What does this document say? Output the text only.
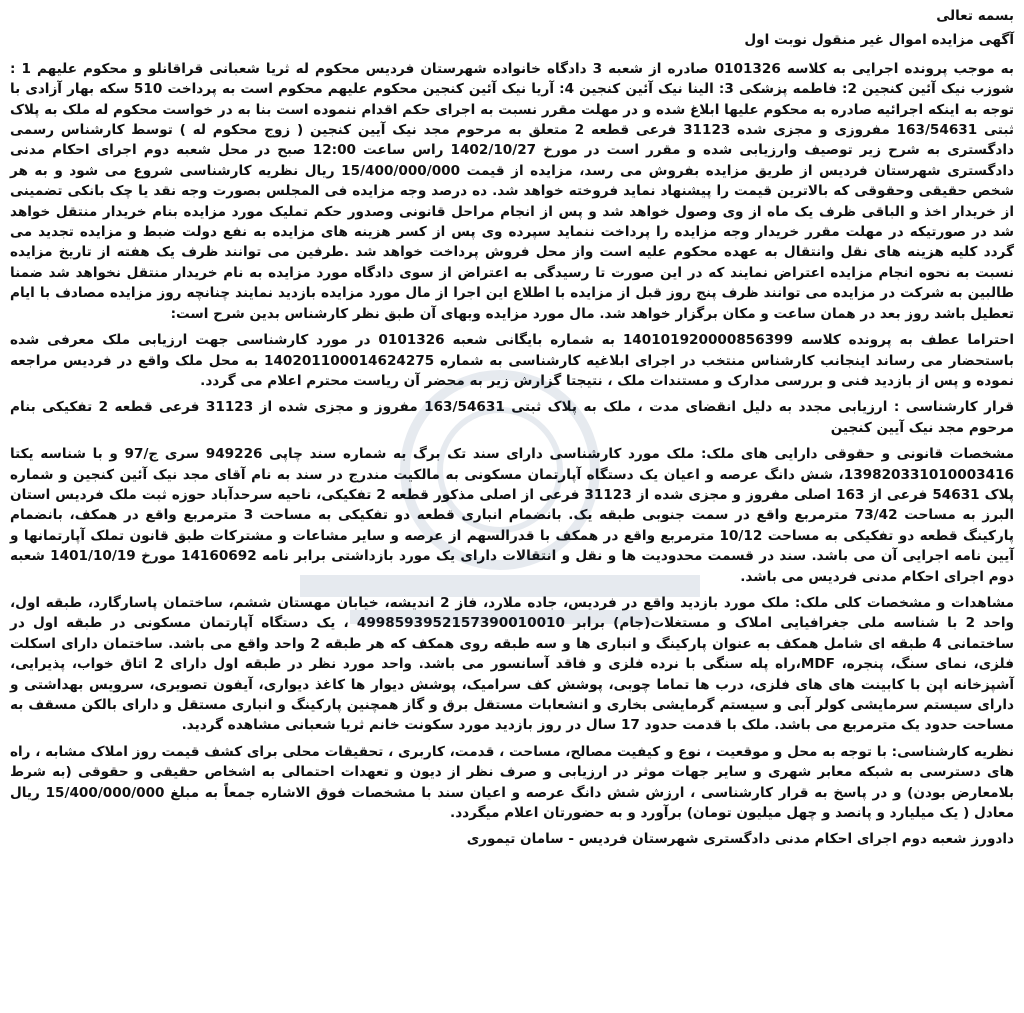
بسمه تعالی
آگهی مزایده اموال غیر منقول نوبت اول

به موجب پرونده اجرایی به کلاسه 0101326 صادره از شعبه 3 دادگاه خانواده شهرستان فردیس محکوم له ثریا شعبانی قراقانلو و محکوم علیهم 1 : شوزب نیک آئین کنجین 2: فاطمه پزشکی 3: الینا نیک آئین کنجین 4: آریا نیک آئین کنجین محکوم علیهم محکوم است به پرداخت 510 سکه بهار آزادی با توجه به اینکه اجرائیه صادره به محکوم علیها ابلاغ شده و در مهلت مقرر نسبت به اجرای حکم اقدام ننموده است بنا به در خواست محکوم له ملک به پلاک ثبتی 163/54631 مفروزی و مجزی شده 31123 فرعی قطعه 2 متعلق به مرحوم مجد نیک آیین کنجین ( زوج محکوم له ) توسط کارشناس رسمی دادگستری به شرح زیر توصیف وارزیابی شده و مقرر است در مورخ 1402/10/27 راس ساعت 12:00 صبح در محل شعبه دوم اجرای احکام مدنی دادگستری شهرستان فردیس از طریق مزایده بفروش می رسد، مزایده از قیمت 15/400/000/000 ریال نظریه کارشناسی شروع می شود و به هر شخص حقیقی وحقوقی که بالاترین قیمت را پیشنهاد نماید فروخته خواهد شد. ده درصد وجه مزایده فی المجلس بصورت وجه نقد یا چک بانکی تضمینی از خریدار اخذ و الباقی ظرف یک ماه از وی وصول خواهد شد و پس از انجام مراحل قانونی وصدور حکم تملیک مورد مزایده بنام خریدار منتقل خواهد شد در صورتیکه در مهلت مقرر خریدار وجه مزایده را پرداخت ننماید سپرده وی پس از کسر هزینه های مزایده به نفع دولت ضبط و مزایده تجدید می گردد کلیه هزینه های نقل وانتقال به عهده محکوم علیه است واز محل فروش پرداخت خواهد شد .طرفین می توانند ظرف یک هفته از تاریخ مزایده نسبت به نحوه انجام مزایده اعتراض نمایند که در این صورت تا رسیدگی به اعتراض از سوی دادگاه مورد مزایده به نام خریدار منتقل نخواهد شد ضمنا طالبین به شرکت در مزایده می توانند ظرف پنج روز قبل از مزایده با اطلاع این اجرا از مال مورد مزایده بازدید نمایند چنانچه روز مزایده مصادف با ایام تعطیل باشد روز بعد در همان ساعت و مکان برگزار خواهد شد. مال مورد مزایده وبهای آن طبق نظر کارشناس بدین شرح است:

احتراما عطف به پرونده کلاسه 140101920000856399 به شماره بایگانی شعبه 0101326 در مورد کارشناسی جهت ارزیابی ملک معرفی شده باستحضار می رساند اینجانب کارشناس منتخب در اجرای ابلاغیه کارشناسی به شماره 140201100014624275 به محل ملک واقع در فردیس مراجعه نموده و پس از بازدید فنی و بررسی مدارک و مستندات ملک ، نتیجتا گزارش زیر به محضر آن ریاست محترم اعلام می گردد.

قرار کارشناسی : ارزیابی مجدد به دلیل انقضای مدت ، ملک به پلاک ثبتی 163/54631 مفروز و مجزی شده از 31123 فرعی قطعه 2 تفکیکی بنام مرحوم مجد نیک آیین کنجین

مشخصات قانونی و حقوقی دارایی های ملک: ملک مورد کارشناسی دارای سند تک برگ به شماره سند چاپی 949226 سری ج/97 و با شناسه یکتا 139820331010003416، شش دانگ عرصه و اعیان یک دستگاه آپارتمان مسکونی به مالکیت مندرج در سند به نام آقای مجد نیک آئین کنجین و شماره پلاک 54631 فرعی از 163 اصلی مفروز و مجزی شده از 31123 فرعی از اصلی مذکور قطعه 2 تفکیکی، ناحیه سرحدآباد حوزه ثبت ملک فردیس استان البرز به مساحت 73/42 مترمربع واقع در سمت جنوبی طبقه یک. بانضمام انباری قطعه دو تفکیکی به مساحت 3 مترمربع واقع در همکف، بانضمام پارکینگ قطعه دو تفکیکی به مساحت 10/12 مترمربع واقع در همکف با قدرالسهم از عرصه و سایر مشاعات و مشترکات طبق قانون تملک آپارتمانها و آیین نامه اجرایی آن می باشد. سند در قسمت محدودیت ها و نقل و انتقالات دارای یک مورد بازداشتی برابر نامه 14160692 مورخ 1401/10/19 شعبه دوم اجرای احکام مدنی فردیس می باشد.

مشاهدات و مشخصات کلی ملک: ملک مورد بازدید واقع در فردیس، جاده ملارد، فاز 2 اندیشه، خیابان مهستان ششم، ساختمان پاسارگارد، طبقه اول، واحد 2 با شناسه ملی جغرافیایی املاک و مستغلات(جام) برابر 4998593952157390010010 ، یک دستگاه آپارتمان مسکونی در طبقه اول در ساختمانی 4 طبقه ای شامل همکف به عنوان پارکینگ و انباری ها و سه طبقه روی همکف که هر طبقه 2 واحد واقع می باشد. ساختمان دارای اسکلت فلزی، نمای سنگ، پنجره، MDF،راه پله سنگی با نرده فلزی و فاقد آسانسور می باشد. واحد مورد نظر در طبقه اول دارای 2 اتاق خواب، پذیرایی، آشپزخانه اپن با کابینت های های فلزی، درب ها تماما چوبی، پوشش کف سرامیک، پوشش دیوار ها کاغذ دیواری، آیفون تصویری، سرویس بهداشتی و دارای سیستم سرمایشی کولر آبی و سیستم گرمایشی بخاری و انشعابات مستقل برق و گاز همچنین پارکینگ و انباری مستقل و دارای بالکن مسقف به مساحت حدود یک مترمربع می باشد. ملک با قدمت حدود 17 سال در روز بازدید مورد سکونت خانم ثریا شعبانی مشاهده گردید.

نظریه کارشناسی: با توجه به محل و موقعیت ، نوع و کیفیت مصالح، مساحت ، قدمت، کاربری ، تحقیقات محلی برای کشف قیمت روز املاک مشابه ، راه های دسترسی به شبکه معابر شهری و سایر جهات موثر در ارزیابی و صرف نظر از دیون و تعهدات احتمالی به اشخاص حقیقی و حقوقی (به شرط بلامعارض بودن) و در پاسخ به قرار کارشناسی ، ارزش شش دانگ عرصه و اعیان سند با مشخصات فوق الاشاره جمعاً به مبلغ 15/400/000/000 ریال معادل ( یک میلیارد و پانصد و چهل میلیون تومان) برآورد و به حضورتان اعلام میگردد.

دادورز شعبه دوم اجرای احکام مدنی دادگستری شهرستان فردیس - سامان تیموری
